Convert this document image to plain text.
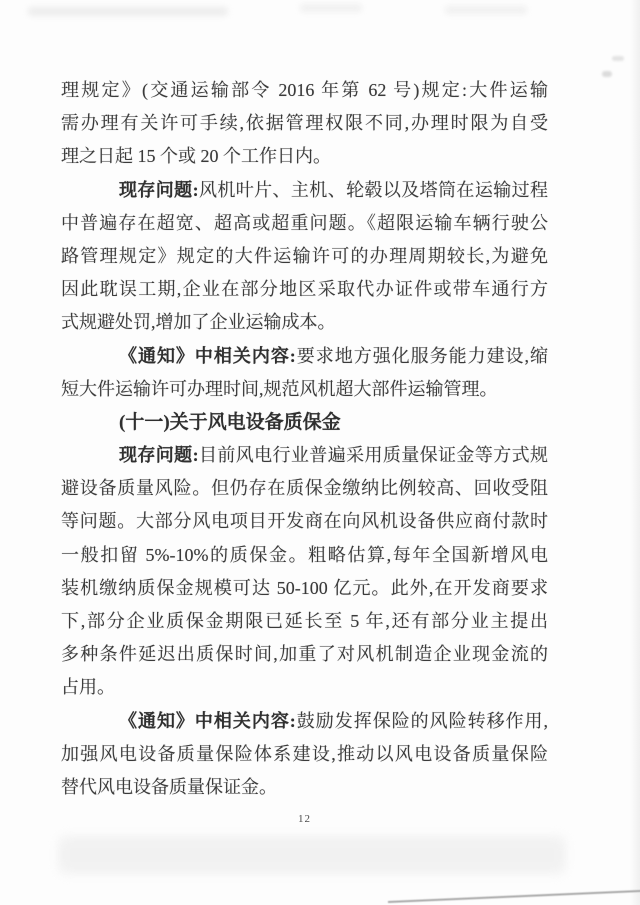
理规定》(交通运输部令 2016 年第 62 号)规定:大件运输
需办理有关许可手续,依据管理权限不同,办理时限为自受
理之日起 15 个或 20 个工作日内。
现存问题:风机叶片、主机、轮毂以及塔筒在运输过程
中普遍存在超宽、超高或超重问题。《超限运输车辆行驶公
路管理规定》规定的大件运输许可的办理周期较长,为避免
因此耽误工期,企业在部分地区采取代办证件或带车通行方
式规避处罚,增加了企业运输成本。
《通知》中相关内容:要求地方强化服务能力建设,缩
短大件运输许可办理时间,规范风机超大部件运输管理。
(十一)关于风电设备质保金
现存问题:目前风电行业普遍采用质量保证金等方式规
避设备质量风险。但仍存在质保金缴纳比例较高、回收受阻
等问题。大部分风电项目开发商在向风机设备供应商付款时
一般扣留 5%-10%的质保金。粗略估算,每年全国新增风电
装机缴纳质保金规模可达 50-100 亿元。此外,在开发商要求
下,部分企业质保金期限已延长至 5 年,还有部分业主提出
多种条件延迟出质保时间,加重了对风机制造企业现金流的
占用。
《通知》中相关内容:鼓励发挥保险的风险转移作用,
加强风电设备质量保险体系建设,推动以风电设备质量保险
替代风电设备质量保证金。
12
